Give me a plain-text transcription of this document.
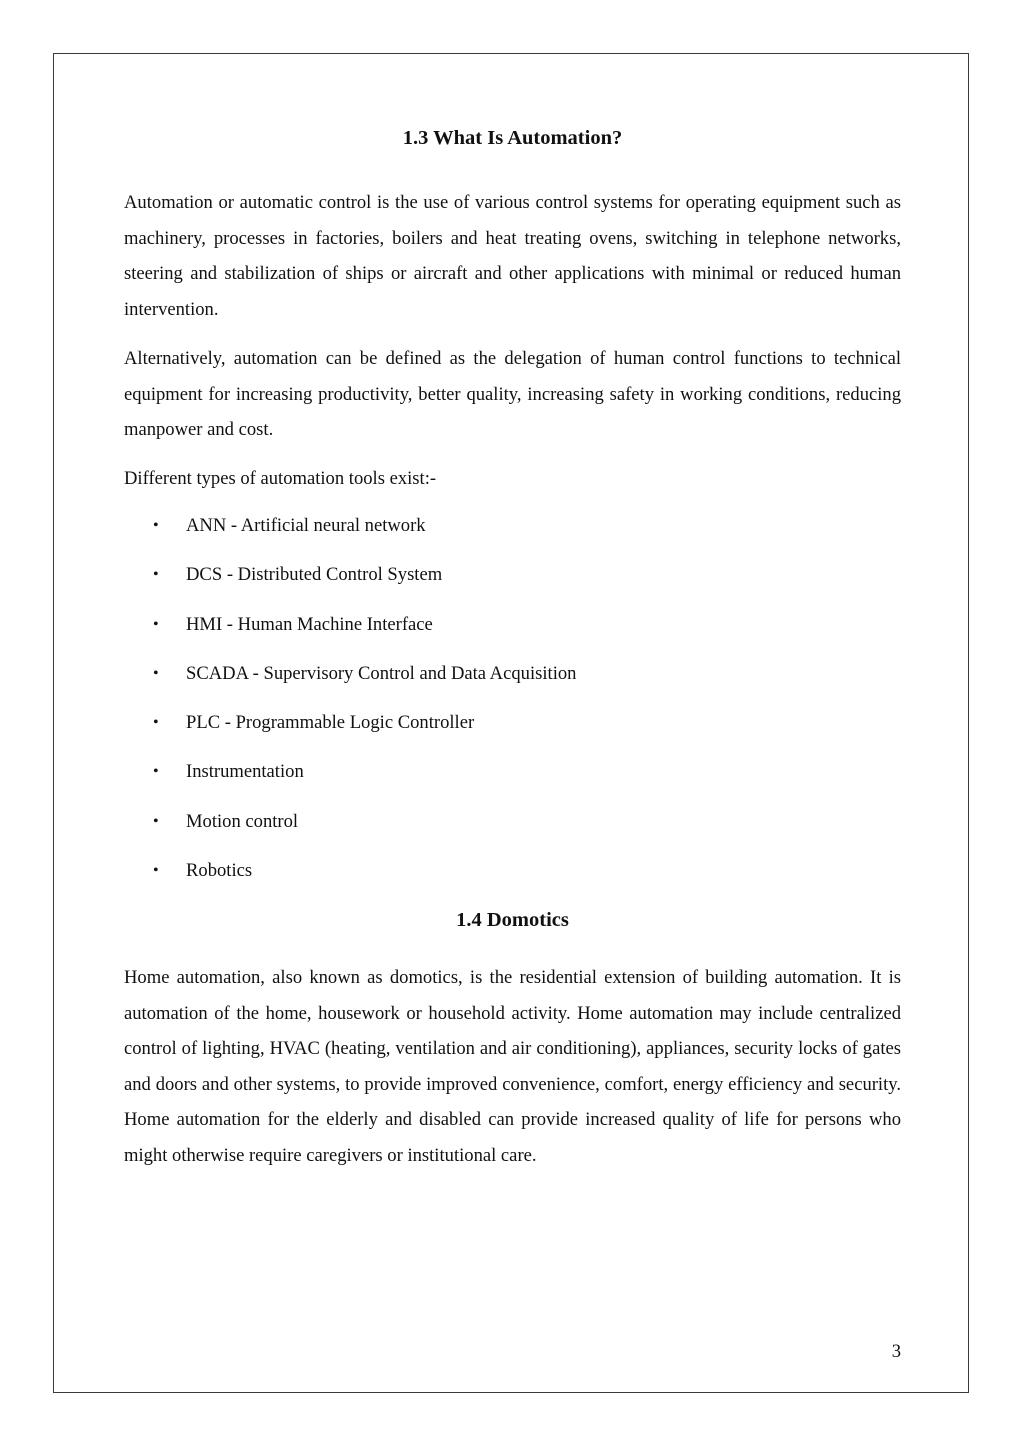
1.3 What Is Automation?

Automation or automatic control is the use of various control systems for operating equipment such as machinery, processes in factories, boilers and heat treating ovens, switching in telephone networks, steering and stabilization of ships or aircraft and other applications with minimal or reduced human intervention.

Alternatively, automation can be defined as the delegation of human control functions to technical equipment for increasing productivity, better quality, increasing safety in working conditions, reducing manpower and cost.

Different types of automation tools exist:-

• ANN - Artificial neural network
• DCS - Distributed Control System
• HMI - Human Machine Interface
• SCADA - Supervisory Control and Data Acquisition
• PLC - Programmable Logic Controller
• Instrumentation
• Motion control
• Robotics
1.4 Domotics

Home automation, also known as domotics, is the residential extension of building automation. It is automation of the home, housework or household activity. Home automation may include centralized control of lighting, HVAC (heating, ventilation and air conditioning), appliances, security locks of gates and doors and other systems, to provide improved convenience, comfort, energy efficiency and security. Home automation for the elderly and disabled can provide increased quality of life for persons who might otherwise require caregivers or institutional care.

3
